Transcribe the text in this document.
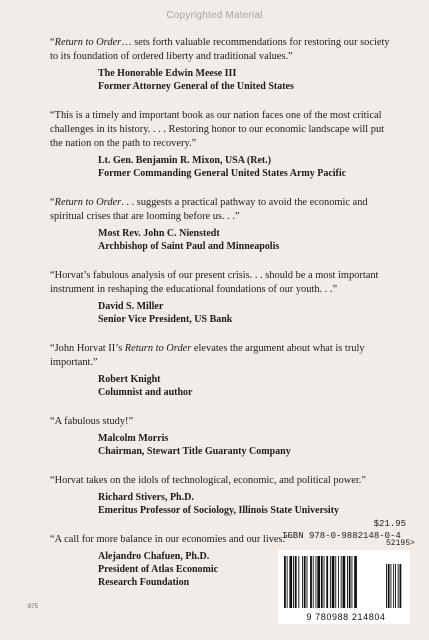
Copyrighted Material

“Return to Order… sets forth valuable recommendations for restoring our society to its foundation of ordered liberty and traditional values.”

The Honorable Edwin Meese III
Former Attorney General of the United States

“This is a timely and important book as our nation faces one of the most critical challenges in its history. . . . Restoring honor to our economic landscape will put the nation on the path to recovery.”

Lt. Gen. Benjamin R. Mixon, USA (Ret.)
Former Commanding General United States Army Pacific

“Return to Order. . . suggests a practical pathway to avoid the economic and spiritual crises that are looming before us. . .”

Most Rev. John C. Nienstedt
Archbishop of Saint Paul and Minneapolis

“Horvat’s fabulous analysis of our present crisis. . . should be a most important instrument in reshaping the educational foundations of our youth. . .”

David S. Miller
Senior Vice President, US Bank

“John Horvat II’s Return to Order elevates the argument about what is truly important.”

Robert Knight
Columnist and author

“A fabulous study!”

Malcolm Morris
Chairman, Stewart Title Guaranty Company

“Horvat takes on the idols of technological, economic, and political power.”

Richard Stivers, Ph.D.
Emeritus Professor of Sociology, Illinois State University

“A call for more balance in our economies and our lives.”

Alejandro Chafuen, Ph.D.
President of Atlas Economic
Research Foundation
$21.95
ISBN 978-0-9882148-0-4
52195>
9 780988 214804
875
